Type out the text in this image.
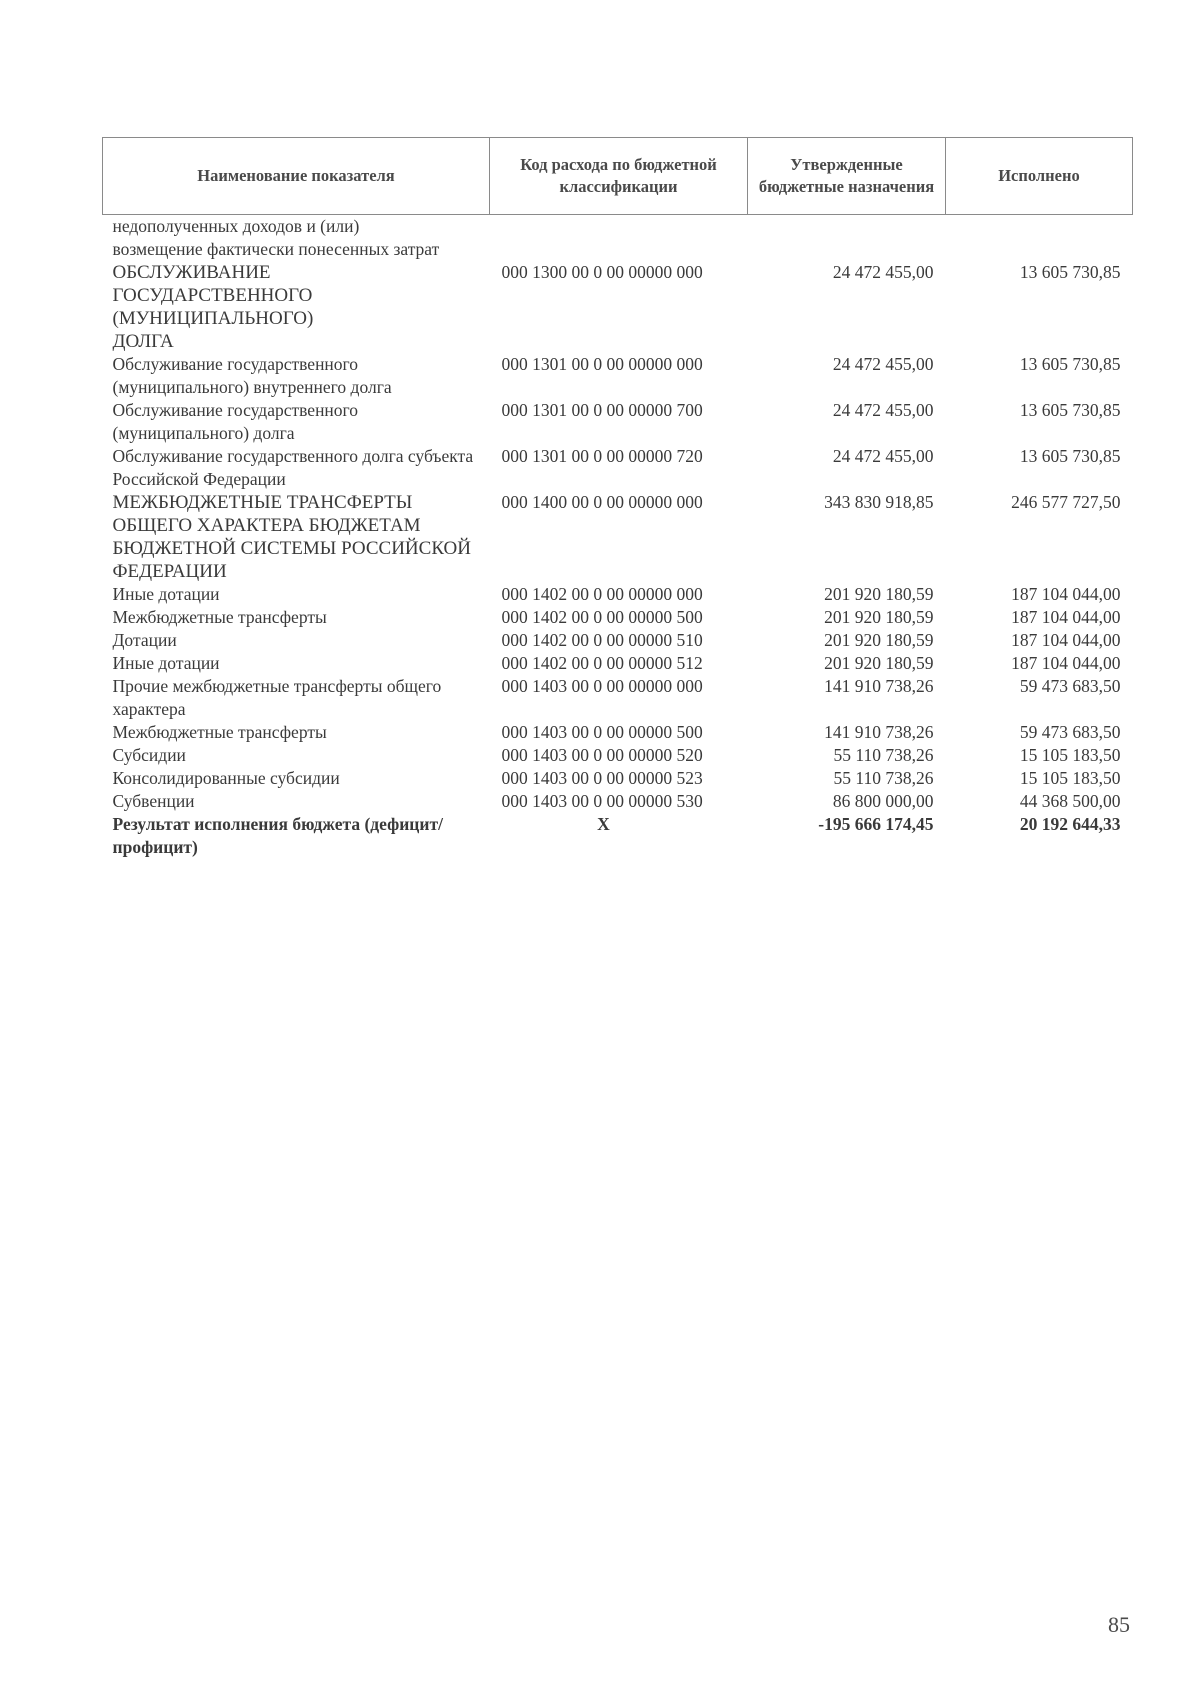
Наименование показателя	Код расхода по бюджетной классификации	Утвержденные бюджетные назначения	Исполнено
недополученных доходов и (или) возмещение фактически понесенных затрат			
ОБСЛУЖИВАНИЕ ГОСУДАРСТВЕННОГО (МУНИЦИПАЛЬНОГО) ДОЛГА	000 1300 00 0 00 00000 000	24 472 455,00	13 605 730,85
Обслуживание государственного (муниципального) внутреннего долга	000 1301 00 0 00 00000 000	24 472 455,00	13 605 730,85
Обслуживание государственного (муниципального) долга	000 1301 00 0 00 00000 700	24 472 455,00	13 605 730,85
Обслуживание государственного долга субъекта Российской Федерации	000 1301 00 0 00 00000 720	24 472 455,00	13 605 730,85
МЕЖБЮДЖЕТНЫЕ ТРАНСФЕРТЫ ОБЩЕГО ХАРАКТЕРА БЮДЖЕТАМ БЮДЖЕТНОЙ СИСТЕМЫ РОССИЙСКОЙ ФЕДЕРАЦИИ	000 1400 00 0 00 00000 000	343 830 918,85	246 577 727,50
Иные дотации	000 1402 00 0 00 00000 000	201 920 180,59	187 104 044,00
Межбюджетные трансферты	000 1402 00 0 00 00000 500	201 920 180,59	187 104 044,00
Дотации	000 1402 00 0 00 00000 510	201 920 180,59	187 104 044,00
Иные дотации	000 1402 00 0 00 00000 512	201 920 180,59	187 104 044,00
Прочие межбюджетные трансферты общего характера	000 1403 00 0 00 00000 000	141 910 738,26	59 473 683,50
Межбюджетные трансферты	000 1403 00 0 00 00000 500	141 910 738,26	59 473 683,50
Субсидии	000 1403 00 0 00 00000 520	55 110 738,26	15 105 183,50
Консолидированные субсидии	000 1403 00 0 00 00000 523	55 110 738,26	15 105 183,50
Субвенции	000 1403 00 0 00 00000 530	86 800 000,00	44 368 500,00
Результат исполнения бюджета (дефицит/профицит)	X	-195 666 174,45	20 192 644,33
85
